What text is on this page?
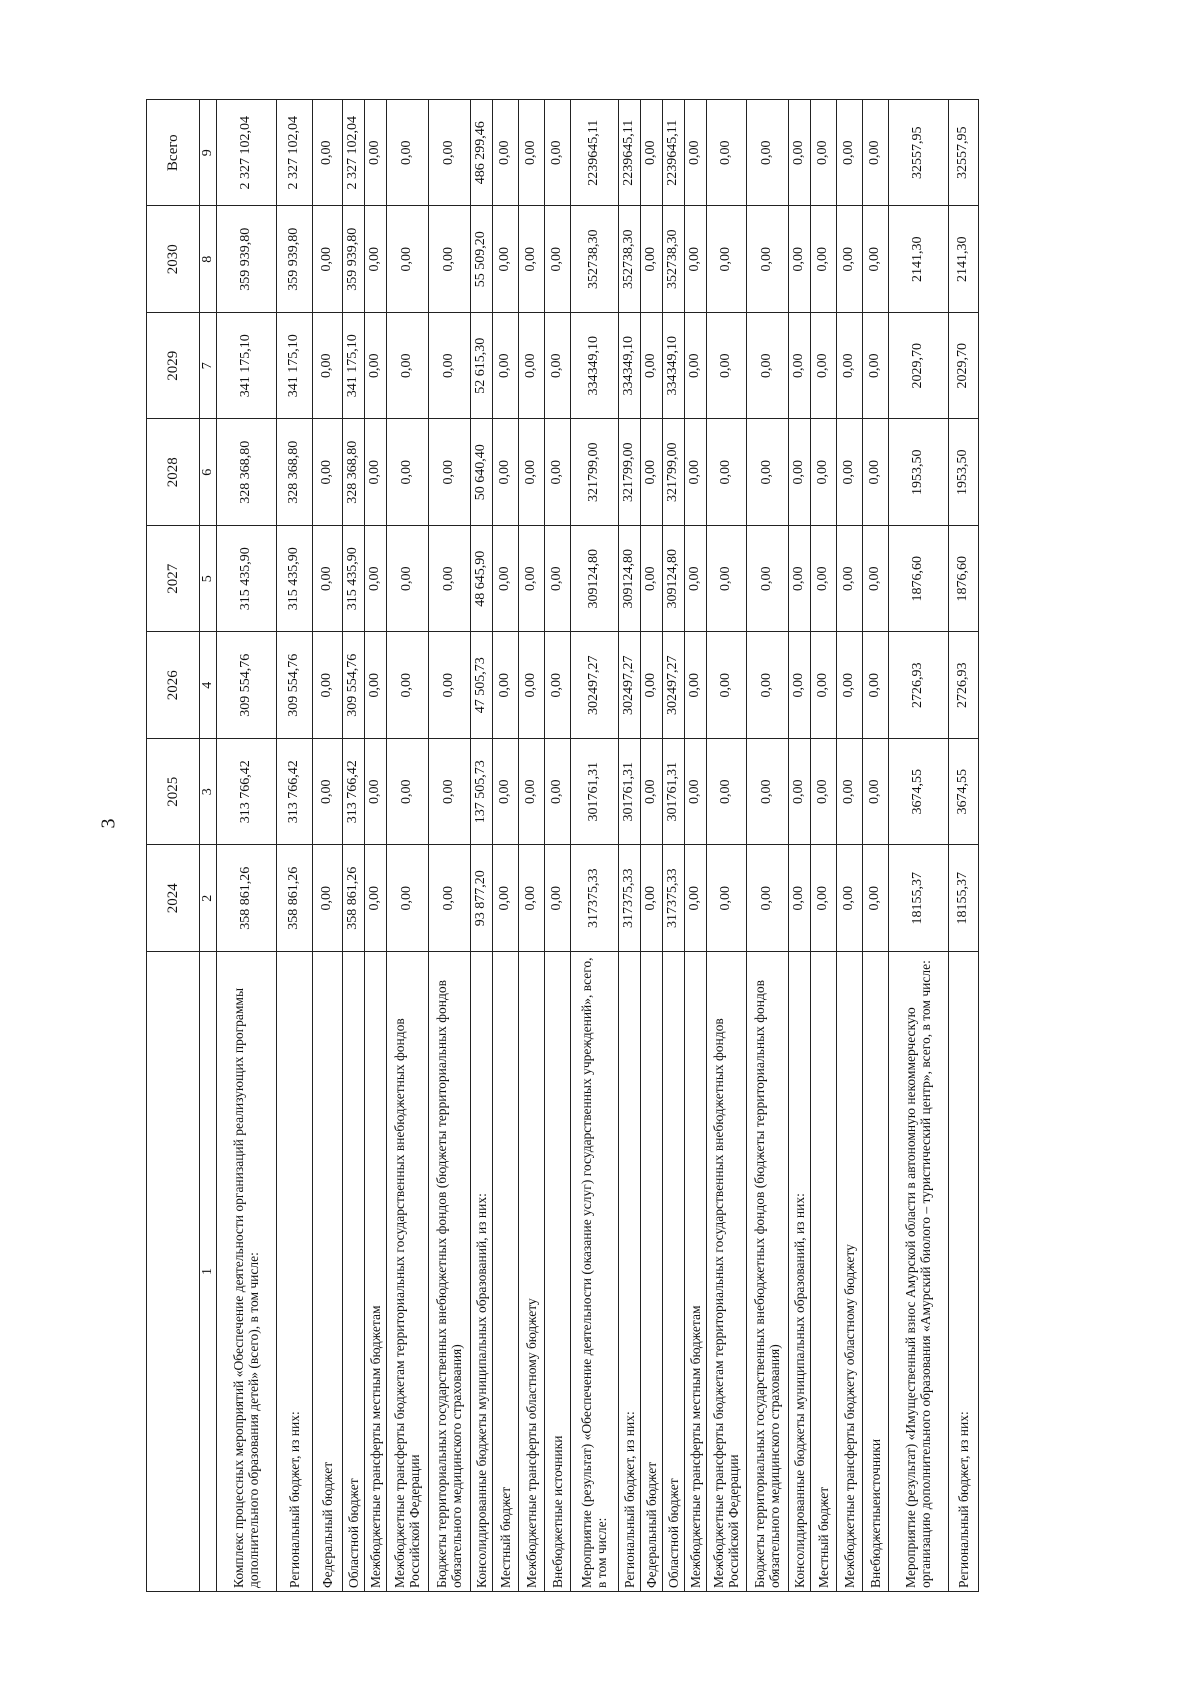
3
	2024	2025	2026	2027	2028	2029	2030	Всего
1	2	3	4	5	6	7	8	9
Комплекс процессных мероприятий «Обеспечение деятельности организаций реализующих программы дополнительного образования детей» (всего), в том числе:	358 861,26	313 766,42	309 554,76	315 435,90	328 368,80	341 175,10	359 939,80	2 327 102,04
Региональный бюджет, из них:	358 861,26	313 766,42	309 554,76	315 435,90	328 368,80	341 175,10	359 939,80	2 327 102,04
Федеральный бюджет	0,00	0,00	0,00	0,00	0,00	0,00	0,00	0,00
Областной бюджет	358 861,26	313 766,42	309 554,76	315 435,90	328 368,80	341 175,10	359 939,80	2 327 102,04
Межбюджетные трансферты местным бюджетам	0,00	0,00	0,00	0,00	0,00	0,00	0,00	0,00
Межбюджетные трансферты бюджетам территориальных государственных внебюджетных фондов Российской Федерации	0,00	0,00	0,00	0,00	0,00	0,00	0,00	0,00
Бюджеты территориальных государственных внебюджетных фондов (бюджеты территориальных фондов обязательного медицинского страхования)	0,00	0,00	0,00	0,00	0,00	0,00	0,00	0,00
Консолидированные бюджеты муниципальных образований, из них:	93 877,20	137 505,73	47 505,73	48 645,90	50 640,40	52 615,30	55 509,20	486 299,46
Местный бюджет	0,00	0,00	0,00	0,00	0,00	0,00	0,00	0,00
Межбюджетные трансферты областному бюджету	0,00	0,00	0,00	0,00	0,00	0,00	0,00	0,00
Внебюджетные источники	0,00	0,00	0,00	0,00	0,00	0,00	0,00	0,00
Мероприятие (результат) «Обеспечение деятельности (оказание услуг) государственных учреждений», всего, в том числе:	317375,33	301761,31	302497,27	309124,80	321799,00	334349,10	352738,30	2239645,11
Региональный бюджет, из них:	317375,33	301761,31	302497,27	309124,80	321799,00	334349,10	352738,30	2239645,11
Федеральный бюджет	0,00	0,00	0,00	0,00	0,00	0,00	0,00	0,00
Областной бюджет	317375,33	301761,31	302497,27	309124,80	321799,00	334349,10	352738,30	2239645,11
Межбюджетные трансферты местным бюджетам	0,00	0,00	0,00	0,00	0,00	0,00	0,00	0,00
Межбюджетные трансферты бюджетам территориальных государственных внебюджетных фондов Российской Федерации	0,00	0,00	0,00	0,00	0,00	0,00	0,00	0,00
Бюджеты территориальных государственных внебюджетных фондов (бюджеты территориальных фондов обязательного медицинского страхования)	0,00	0,00	0,00	0,00	0,00	0,00	0,00	0,00
Консолидированные бюджеты муниципальных образований, из них:	0,00	0,00	0,00	0,00	0,00	0,00	0,00	0,00
Местный бюджет	0,00	0,00	0,00	0,00	0,00	0,00	0,00	0,00
Межбюджетные трансферты бюджету областному бюджету	0,00	0,00	0,00	0,00	0,00	0,00	0,00	0,00
Внебюджетныеисточники	0,00	0,00	0,00	0,00	0,00	0,00	0,00	0,00
Мероприятие (результат) «Имущественный взнос Амурской области в автономную некоммерческую организацию дополнительного образования «Амурский биолого – туристический центр», всего, в том числе:	18155,37	3674,55	2726,93	1876,60	1953,50	2029,70	2141,30	32557,95
Региональный бюджет, из них:	18155,37	3674,55	2726,93	1876,60	1953,50	2029,70	2141,30	32557,95
